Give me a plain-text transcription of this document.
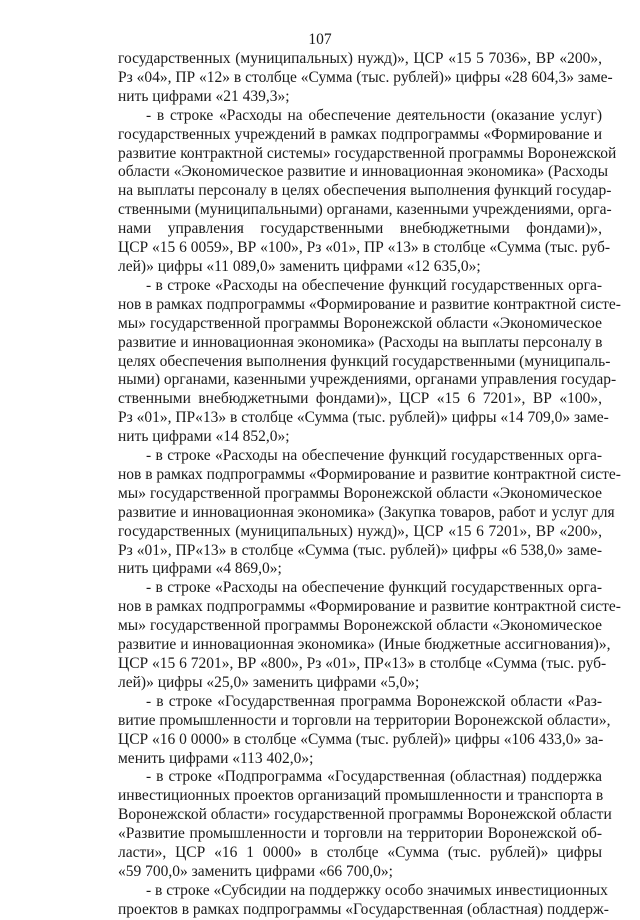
107
государственных (муниципальных) нужд)», ЦСР «15 5 7036», ВР «200»,
Рз «04», ПР «12» в столбце «Сумма (тыс. рублей)» цифры «28 604,3» заме-
нить цифрами «21 439,3»;
- в строке «Расходы на обеспечение деятельности (оказание услуг)
государственных учреждений в рамках подпрограммы «Формирование и
развитие контрактной системы» государственной программы Воронежской
области «Экономическое развитие и инновационная экономика» (Расходы
на выплаты персоналу в целях обеспечения выполнения функций государ-
ственными (муниципальными) органами, казенными учреждениями, орга-
нами управления государственными внебюджетными фондами)»,
ЦСР «15 6 0059», ВР «100», Рз «01», ПР «13» в столбце «Сумма (тыс. руб-
лей)» цифры «11 089,0» заменить цифрами «12 635,0»;
- в строке «Расходы на обеспечение функций государственных орга-
нов в рамках подпрограммы «Формирование и развитие контрактной систе-
мы» государственной программы Воронежской области «Экономическое
развитие и инновационная экономика» (Расходы на выплаты персоналу в
целях обеспечения выполнения функций государственными (муниципаль-
ными) органами, казенными учреждениями, органами управления государ-
ственными внебюджетными фондами)», ЦСР «15 6 7201», ВР «100»,
Рз «01», ПР«13» в столбце «Сумма (тыс. рублей)» цифры «14 709,0» заме-
нить цифрами «14 852,0»;
- в строке «Расходы на обеспечение функций государственных орга-
нов в рамках подпрограммы «Формирование и развитие контрактной систе-
мы» государственной программы Воронежской области «Экономическое
развитие и инновационная экономика» (Закупка товаров, работ и услуг для
государственных (муниципальных) нужд)», ЦСР «15 6 7201», ВР «200»,
Рз «01», ПР«13» в столбце «Сумма (тыс. рублей)» цифры «6 538,0» заме-
нить цифрами «4 869,0»;
- в строке «Расходы на обеспечение функций государственных орга-
нов в рамках подпрограммы «Формирование и развитие контрактной систе-
мы» государственной программы Воронежской области «Экономическое
развитие и инновационная экономика» (Иные бюджетные ассигнования)»,
ЦСР «15 6 7201», ВР «800», Рз «01», ПР«13» в столбце «Сумма (тыс. руб-
лей)» цифры «25,0» заменить цифрами «5,0»;
- в строке «Государственная программа Воронежской области «Раз-
витие промышленности и торговли на территории Воронежской области»,
ЦСР «16 0 0000» в столбце «Сумма (тыс. рублей)» цифры «106 433,0» за-
менить цифрами «113 402,0»;
- в строке «Подпрограмма «Государственная (областная) поддержка
инвестиционных проектов организаций промышленности и транспорта в
Воронежской области» государственной программы Воронежской области
«Развитие промышленности и торговли на территории Воронежской об-
ласти», ЦСР «16 1 0000» в столбце «Сумма (тыс. рублей)» цифры
«59 700,0» заменить цифрами «66 700,0»;
- в строке «Субсидии на поддержку особо значимых инвестиционных
проектов в рамках подпрограммы «Государственная (областная) поддерж-
